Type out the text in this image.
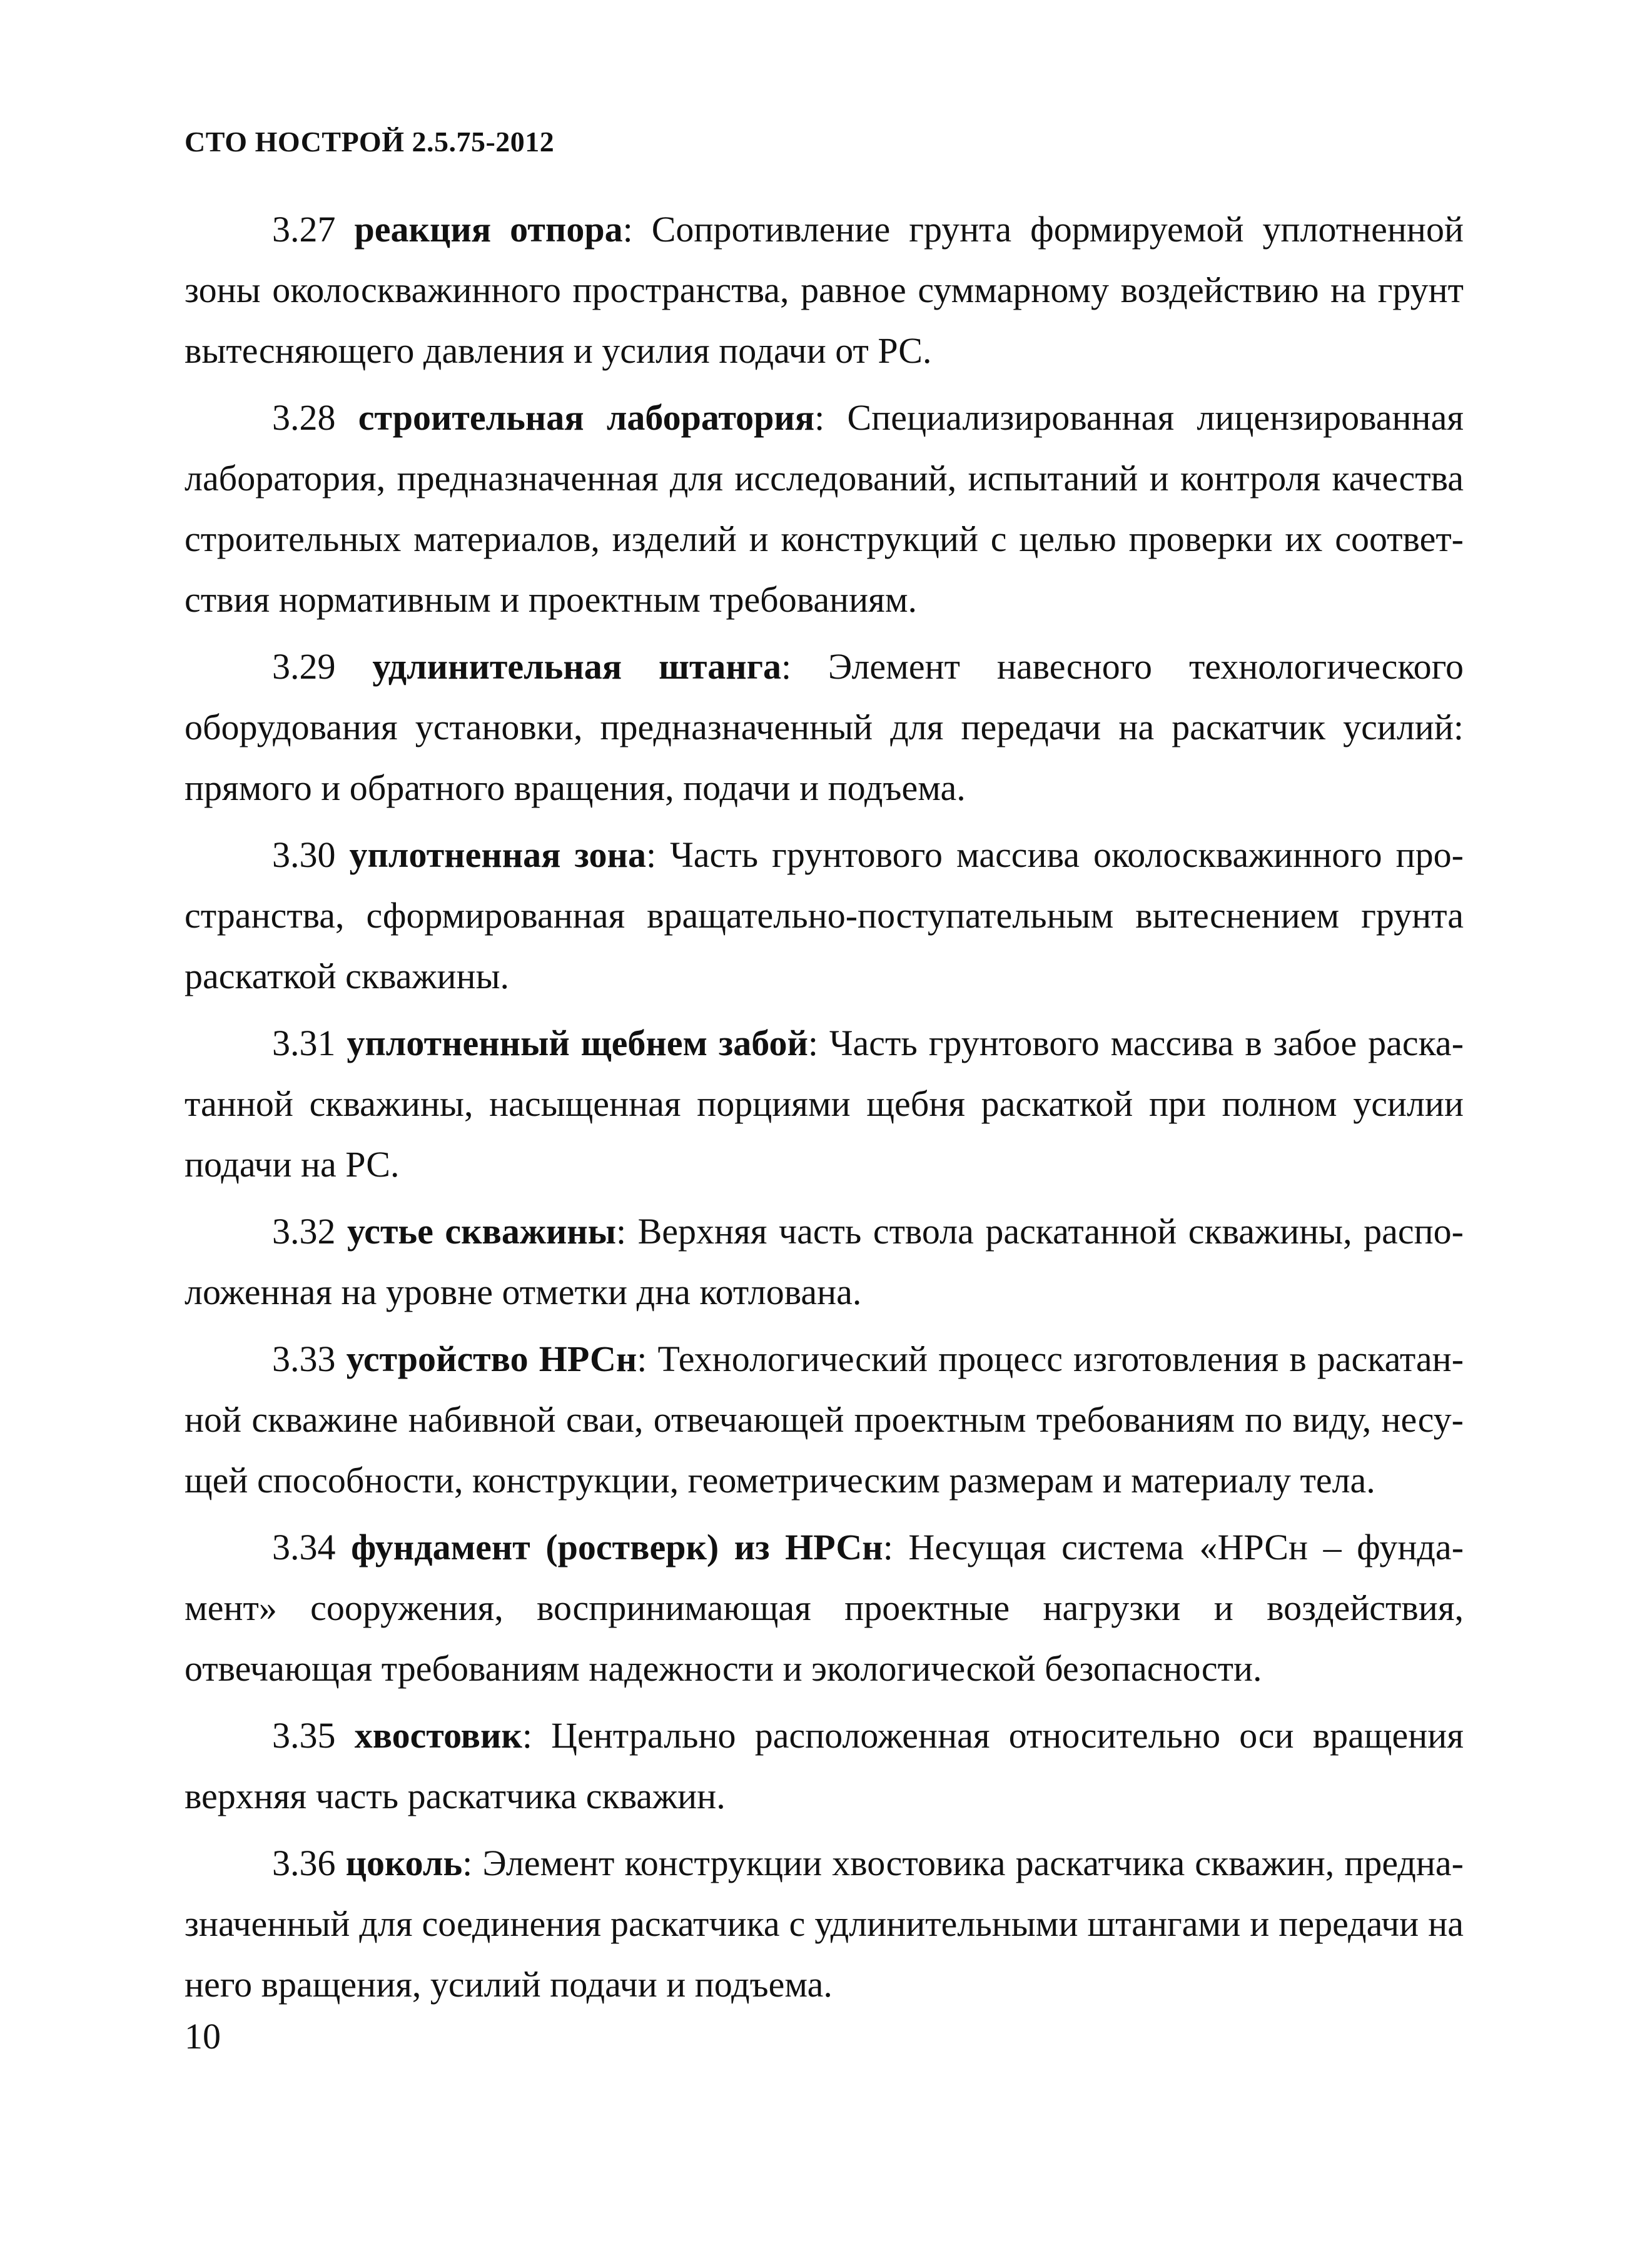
СТО НОСТРОЙ 2.5.75-2012

3.27 реакция отпора: Сопротивление грунта формируемой уплотненной зоны околоскважинного пространства, равное суммарному воздействию на грунт вытесняющего давления и усилия подачи от РС.

3.28 строительная лаборатория: Специализированная лицензированная лаборатория, предназначенная для исследований, испытаний и контроля качества строительных материалов, изделий и конструкций с целью проверки их соответствия нормативным и проектным требованиям.

3.29 удлинительная штанга: Элемент навесного технологического оборудования установки, предназначенный для передачи на раскатчик усилий: прямого и обратного вращения, подачи и подъема.

3.30 уплотненная зона: Часть грунтового массива околоскважинного пространства, сформированная вращательно-поступательным вытеснением грунта раскаткой скважины.

3.31 уплотненный щебнем забой: Часть грунтового массива в забое раскатанной скважины, насыщенная порциями щебня раскаткой при полном усилии подачи на РС.

3.32 устье скважины: Верхняя часть ствола раскатанной скважины, расположенная на уровне отметки дна котлована.

3.33 устройство НРСн: Технологический процесс изготовления в раскатанной скважине набивной сваи, отвечающей проектным требованиям по виду, несущей способности, конструкции, геометрическим размерам и материалу тела.

3.34 фундамент (ростверк) из НРСн: Несущая система «НРСн – фундамент» сооружения, воспринимающая проектные нагрузки и воздействия, отвечающая требованиям надежности и экологической безопасности.

3.35 хвостовик: Центрально расположенная относительно оси вращения верхняя часть раскатчика скважин.

3.36 цоколь: Элемент конструкции хвостовика раскатчика скважин, предназначенный для соединения раскатчика с удлинительными штангами и передачи на него вращения, усилий подачи и подъема.

10
